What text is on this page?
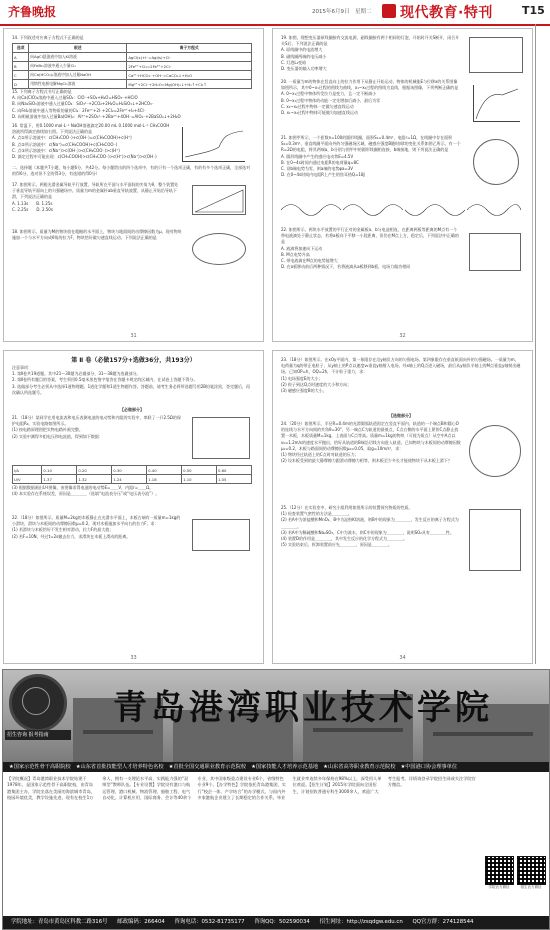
齐鲁晚报	2015年6月9日　星期二 现代教育·特刊	T15
14. 下列叙述对应离子方程式不正确的是
选项	叙述	离子方程式
A	向AgCl悬浊液中加入KI溶液	AgCl(s)+I⁻=AgI(s)+Cl⁻
B	向FeBr₂溶液中通入少量Cl₂	2Fe²⁺+Cl₂=2Fe³⁺+2Cl⁻
C	向Ca(HCO₃)₂溶液中加入过量NaOH	Ca²⁺+HCO₃⁻+OH⁻=CaCO₃↓+H₂O
D	用惰性电极电解MgCl₂溶液	Mg²⁺+2Cl⁻+2H₂O=Mg(OH)₂↓+H₂↑+Cl₂↑
15. 下列离子方程式书写正确的是
A. 向Ca(ClO)₂溶液中通入过量SO₂：ClO⁻+SO₂+H₂O=HSO₃⁻+HClO
B. 向Na₂SiO₃溶液中通入过量CO₂：SiO₃²⁻+2CO₂+2H₂O=H₂SiO₃↓+2HCO₃⁻
C. 向FeI₂溶液中通入等物质的量的Cl₂：2Fe²⁺+2I⁻+2Cl₂=2Fe³⁺+I₂+4Cl⁻
D. 向明矾溶液中加入过量Ba(OH)₂：Al³⁺+2SO₄²⁻+2Ba²⁺+4OH⁻=AlO₂⁻+2BaSO₄↓+2H₂O
16. 常温下，用0.1000 mol·L⁻¹ NaOH溶液滴定20.00 mL 0.1000 mol·L⁻¹ CH₃COOH溶液所得滴定曲线如右图。下列说法正确的是
A. 点①所示溶液中：c(CH₃COO⁻)+c(OH⁻)=c(CH₃COOH)+c(H⁺)
B. 点②所示溶液中：c(Na⁺)=c(CH₃COOH)+c(CH₃COO⁻)
C. 点③所示溶液中：c(Na⁺)>c(OH⁻)>c(CH₃COO⁻)>c(H⁺)
D. 滴定过程中可能出现：c(CH₃COOH)>c(CH₃COO⁻)>c(H⁺)>c(Na⁺)>c(OH⁻)
二、选择题（本题共7小题，每小题6分，共42分。每小题给出的四个选项中，有的只有一个选项正确，有的有多个选项正确，全部选对的得6分，选对但不全的得3分，有选错的得0分）
17. 如图所示，两根光滑金属导轨平行放置，导轨所在平面与水平面间的夹角为θ，整个装置处于垂直导轨平面向上的匀强磁场中。质量为m的金属杆ab垂直导轨放置，从静止开始沿导轨下滑，下列说法正确的是
A. 1.13s　　B. 1.25s
C. 2.25s　　D. 2.50s
18. 如图所示，质量为M的物块放在粗糙的水平面上，物块与地面间的动摩擦因数为μ，现对物块施加一个与水平方向成θ角的拉力F，物块恰好做匀速直线运动，下列说法正确的是
31
19. 如图，理想变压器原线圈接有交流电源，副线圈接有两个相同的灯泡，开始时开关S断开，闭合开关S后，下列说法正确的是
A. 原线圈中的电流增大
B. 副线圈两端的电压减小
C. 灯泡L₁变暗
D. 变压器的输入功率增大
20. 一质量为m的物体在竖直向上的拉力作用下从静止开始运动，物体的机械能E与位移x的关系图像如图所示，其中0~x₁过程的图线为曲线，x₁~x₂过程的图线为直线，根据该图像，下列判断正确的是
A. 0~x₁过程中物体所受拉力是变力，且一定不断减小
B. 0~x₁过程中物体的动能一定先增加后减小，最后为零
C. x₁~x₂过程中物体一定做匀速直线运动
D. x₁~x₂过程中物体可能做匀加速直线运动
21. 如图甲所示，一个匝数n=100的圆形线圈，面积S₁=0.4m²，电阻r=1Ω，在线圈中存在面积S₂=0.3m²、垂直线圈平面向外的匀强磁场区域，磁感应强度B随时间t的变化关系如图乙所示，有一个R=2Ω的电阻，将其两端a、b分别与图甲中的圆形线圈相连接，b端接地，则下列说法正确的是
A. 圆形线圈中产生的感应电动势E=4.5V
B. 在0~4s时间内通过电阻R的电荷量q=8C
C. 设b端电势为零，则a端的电势φa=3V
D. 在0~4s时间内电阻R上产生的焦耳热Q=18J
22. 如图所示，两块水平放置的平行正对的金属板a、b与电池相连，在距离两板等距离的M点有一个带电液滴处于静止状态，若将a板向下平移一小段距离，但仍在M点上方，稳定后，下列说法中正确的是
A. 液滴将加速向下运动
B. M点电势升高
C. 带电液滴在M点的电势能增大
D. 在a板移动前后两种情况下，若将液滴从a板移到b板，电场力做功相同
32
第 Ⅱ 卷（必做157分+选做36分，共193分）
注意事项：
1. 第Ⅱ卷共19道题。其中21～30题为必做部分，31～38题为选做部分。
2. 第Ⅱ卷所有题目的答案，考生须用0.5毫米黑色签字笔答在答题卡规定的区域内，在试卷上答题不得分。
3. 选做部分考生必须从中选择1道物理题、1道化学题和1道生物题作答。答题前，请考生务必将所选题号用2B铅笔涂黑，答完题后，再次确认所选题号。
【必做部分】
21.（18分）某同学在用电流表和电压表测电池的电动势和内阻的实验中，串联了一只2.5Ω的保护电阻R₀，实验电路如图所示。
(1) 按电路原理图把实物电路补画完整。
(2) 实验中测得多组电压和电流值，得到如下数据：
I/A	0.10	0.20	0.30	0.40	0.50	0.60
U/V	1.37	1.32	1.24	1.18	1.10	1.05
(3) 根据数据画出U-I图像，由图像求得电池的电动势E=＿＿V，内阻r=＿＿Ω。
(4) 本实验存在系统误差，原因是＿＿＿＿（选填“电流表分压”或“电压表分流”）。
22.（18分）如图所示，质量M=2kg的木板静止在光滑水平面上，木板右端有一质量m=1kg的小滑块，滑块与木板间的动摩擦因数μ=0.2，现对木板施加水平向右的拉力F，求：
(1) 若滑块与木板恰好不发生相对滑动，拉力F的最大值；
(2) 若F=10N，经过t=2s撤去拉力，求滑块在木板上滑动的距离。
33
23.（18分）如图所示，在xOy平面内，第一象限存在沿y轴负方向的匀强电场，第四象限存在垂直纸面向外的匀强磁场。一质量为m、电荷量为q的带正电粒子，从y轴上的P点以速度v₀垂直y轴射入电场，经x轴上的Q点进入磁场，最后从y轴负半轴上的M点垂直y轴射出磁场，已知OP=h，OQ=2h，不计粒子重力，求：
(1) 电场强度E的大小；
(2) 粒子到达Q点时速度的大小和方向；
(3) 磁感应强度B的大小。
【选做部分】
24.（20分）如图所示，半径R=0.4m的光滑圆弧轨道固定在竖直平面内，轨道的一个端点B和圆心O的连线与水平方向间的夹角θ=30°，另一端点C为轨道的最低点，C点右侧的水平面上紧挨C点静止放置一木板，木板质量M=1kg，上表面与C点等高。质量m=1kg的物块（可视为质点）从空中A点以v₀=1.2m/s的速度水平抛出，恰好从轨道的B端沿切线方向进入轨道，已知物块与木板间的动摩擦因数μ₁=0.2，木板与路面间的动摩擦因数μ₂=0.05，取g=10m/s²，求：
(1) 物块经过轨道上的C点时对轨道的压力；
(2) 设木板受到的最大静摩擦力跟滑动摩擦力相等，则木板至少多长才能使物块不从木板上滑下？
25.（12分）在实验室中，研究小组利用如图所示的装置探究物质的性质。
(1) 检查装置气密性的方法是＿＿＿＿。
(2) 若A中为浓盐酸和MnO₂，B中为淀粉KI溶液，则B中的现象为＿＿＿＿，发生反应的离子方程式为＿＿＿＿。
(3) 若A中为稀硫酸和Na₂SO₃，C中为溴水，则C中的现象为＿＿＿＿，说明SO₂具有＿＿＿＿性。
(4) 装置D的作用是＿＿＿＿，其中发生反应的化学方程式为＿＿＿＿。
(5) 实验结束后，拆卸装置前应先＿＿＿＿，原因是＿＿＿＿。
34
招生咨询 报考指南
青岛港湾职业技术学院
★国家示范性骨干高职院校　★山东省首批技能型人才培养特色名校　★首批全国交通职业教育示范院校　★国家技能人才培养示范基地　★山东省高等职业教育示范院校　★中国港口协会理事单位
【学院概况】青岛港湾职业技术学院始建于1978年，是国家示范性骨干高职院校，由青岛港集团主办，学院坐落在美丽的海滨城市青岛，校园环境优美，教学设施先进，现有在校生1万余人，拥有一支理论水平高、实践能力强的“双师型”教师队伍。【专业设置】学院设有港口与航运管理、港口机械、物流管理、船舶工程、电气自动化、计算机应用、国际商务、会计等40余个专业，其中国家级重点建设专业6个，省级特色专业9个。【办学特色】学院依托青岛港集团，实行“校企一体、产学结合”的办学模式，与国内外多家港航企业建立了长期稳定的合作关系，毕业生就业率连续多年保持在98%以上，深受用人单位欢迎。【招生计划】2015年学院面向全国招生，计划招收普通专科生3000余人，欢迎广大考生报考。详情请登录学院招生网或关注学院官方微信。
学院官方微信	招生官方微信
学院地址：青岛市黄岛区科教二路316号 邮政编码：266404 咨询电话：0532-81735177 咨询QQ：502590034 招生网址：http://zsqdgw.edu.cn QQ官方群：274128544
